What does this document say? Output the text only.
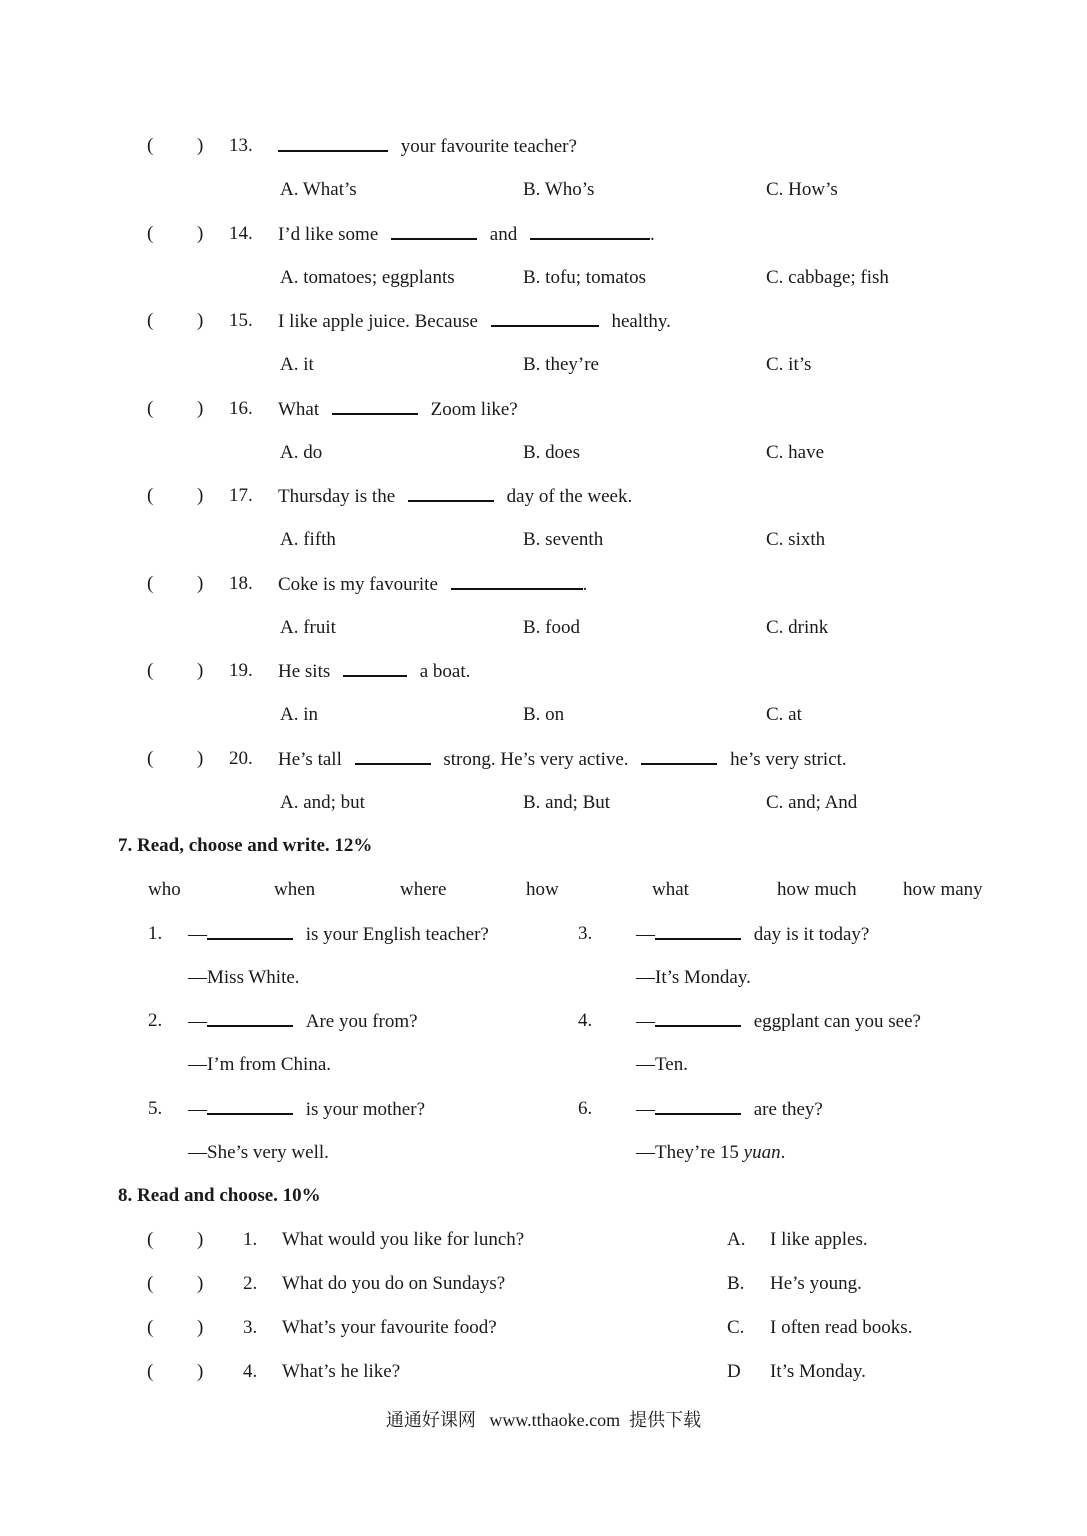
( ) 13.	your favourite teacher?
A. What’s	B. Who’s	C. How’s
( ) 14. I’d like some	and	.
A. tomatoes; eggplants	B. tofu; tomatos	C. cabbage; fish
( ) 15. I like apple juice. Because	healthy.
A. it	B. they’re	C. it’s
( ) 16. What	Zoom like?
A. do	B. does	C. have
( ) 17. Thursday is the	day of the week.
A. fifth	B. seventh	C. sixth
( ) 18. Coke is my favourite	.
A. fruit	B. food	C. drink
( ) 19. He sits	a boat.
A. in	B. on	C. at
( ) 20. He’s tall	strong. He’s very active.	he’s very strict.
A. and; but	B. and; But	C. and; And
7. Read, choose and write. 12%
who	when	where	how	what	how much how many
1. —	is your English teacher?
—Miss White.
3. —	day is it today?
—It’s Monday.
2. —	Are you from?
—I’m from China.
4. —	eggplant can you see?
—Ten.
5. —	is your mother?
—She’s very well.
6. —	are they?
—They’re 15 yuan.
8. Read and choose. 10%
( ) 1. What would you like for lunch?	A. I like apples.
( ) 2. What do you do on Sundays?	B. He’s young.
( ) 3. What’s your favourite food?	C. I often read books.
( ) 4. What’s he like?	D It’s Monday.
通通好课网   www.tthaoke.com  提供下载
